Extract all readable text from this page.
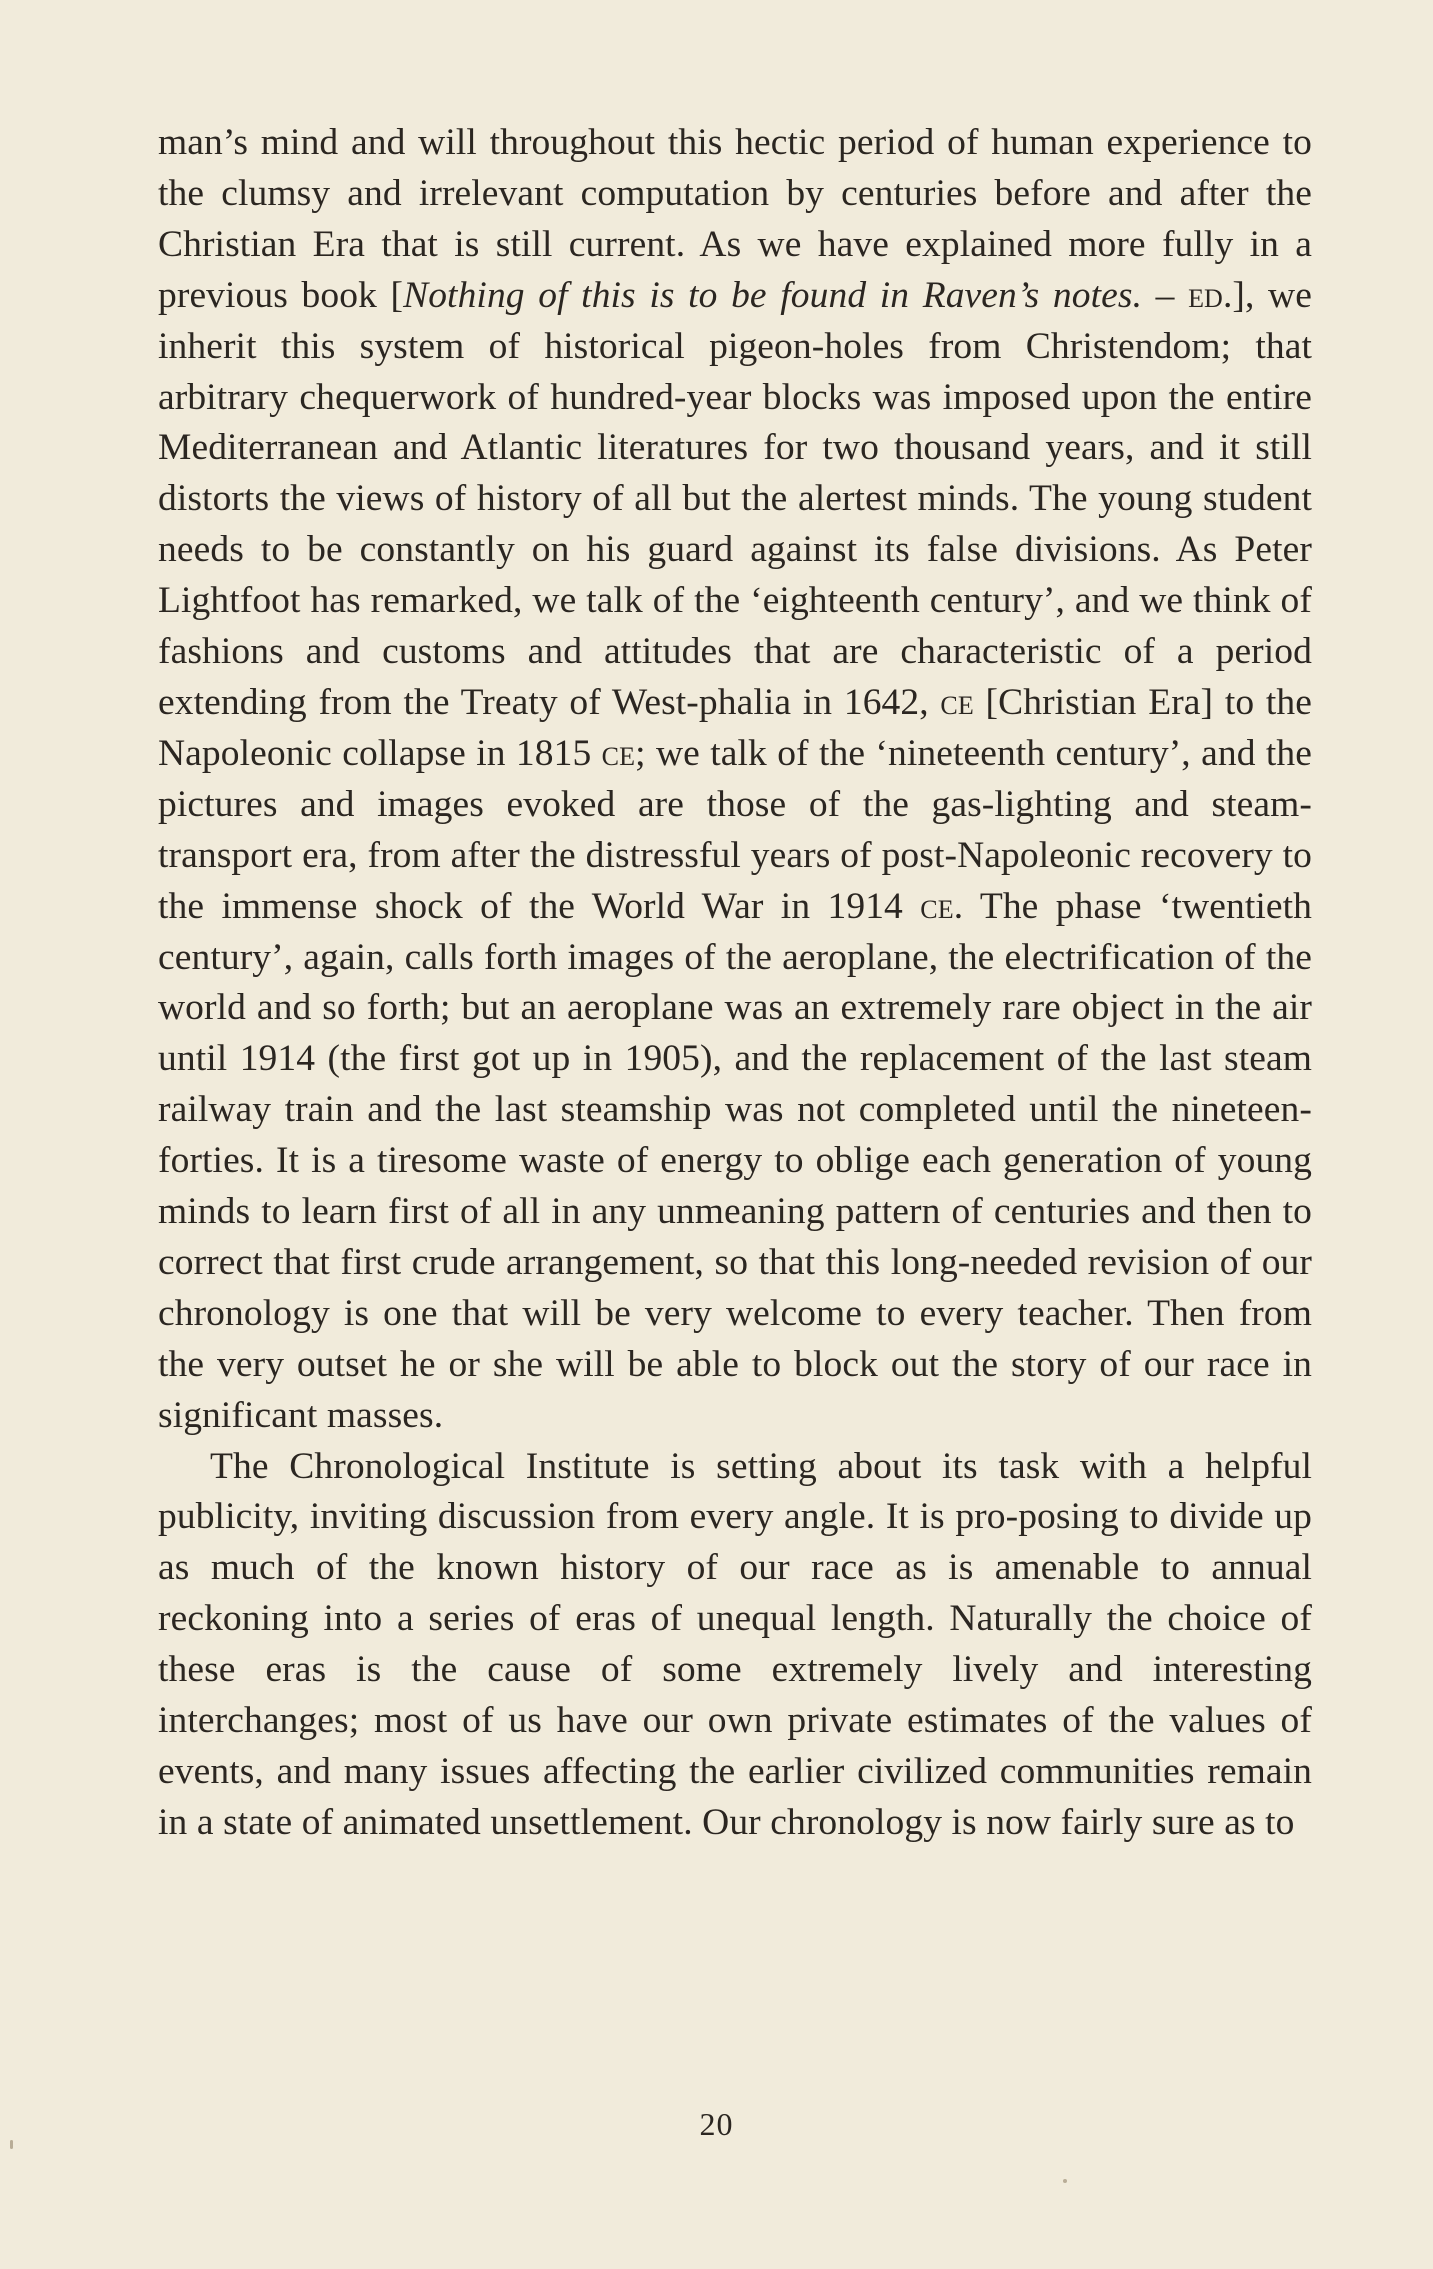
man’s mind and will throughout this hectic period of human experience to the clumsy and irrelevant computation by centuries before and after the Christian Era that is still current. As we have explained more fully in a previous book [Nothing of this is to be found in Raven’s notes. – ed.], we inherit this system of historical pigeon-holes from Christendom; that arbitrary chequerwork of hundred-year blocks was imposed upon the entire Mediterranean and Atlantic literatures for two thousand years, and it still distorts the views of history of all but the alertest minds. The young student needs to be constantly on his guard against its false divisions. As Peter Lightfoot has remarked, we talk of the ‘eighteenth century’, and we think of fashions and customs and attitudes that are characteristic of a period extending from the Treaty of West-phalia in 1642, ce [Christian Era] to the Napoleonic collapse in 1815 ce; we talk of the ‘nineteenth century’, and the pictures and images evoked are those of the gas-lighting and steam-transport era, from after the distressful years of post-Napoleonic recovery to the immense shock of the World War in 1914 ce. The phase ‘twentieth century’, again, calls forth images of the aeroplane, the electrification of the world and so forth; but an aeroplane was an extremely rare object in the air until 1914 (the first got up in 1905), and the replacement of the last steam railway train and the last steamship was not completed until the nineteen-forties. It is a tiresome waste of energy to oblige each generation of young minds to learn first of all in any unmeaning pattern of centuries and then to correct that first crude arrangement, so that this long-needed revision of our chronology is one that will be very welcome to every teacher. Then from the very outset he or she will be able to block out the story of our race in significant masses.

The Chronological Institute is setting about its task with a helpful publicity, inviting discussion from every angle. It is pro-posing to divide up as much of the known history of our race as is amenable to annual reckoning into a series of eras of unequal length. Naturally the choice of these eras is the cause of some extremely lively and interesting interchanges; most of us have our own private estimates of the values of events, and many issues affecting the earlier civilized communities remain in a state of animated unsettlement. Our chronology is now fairly sure as to

20
